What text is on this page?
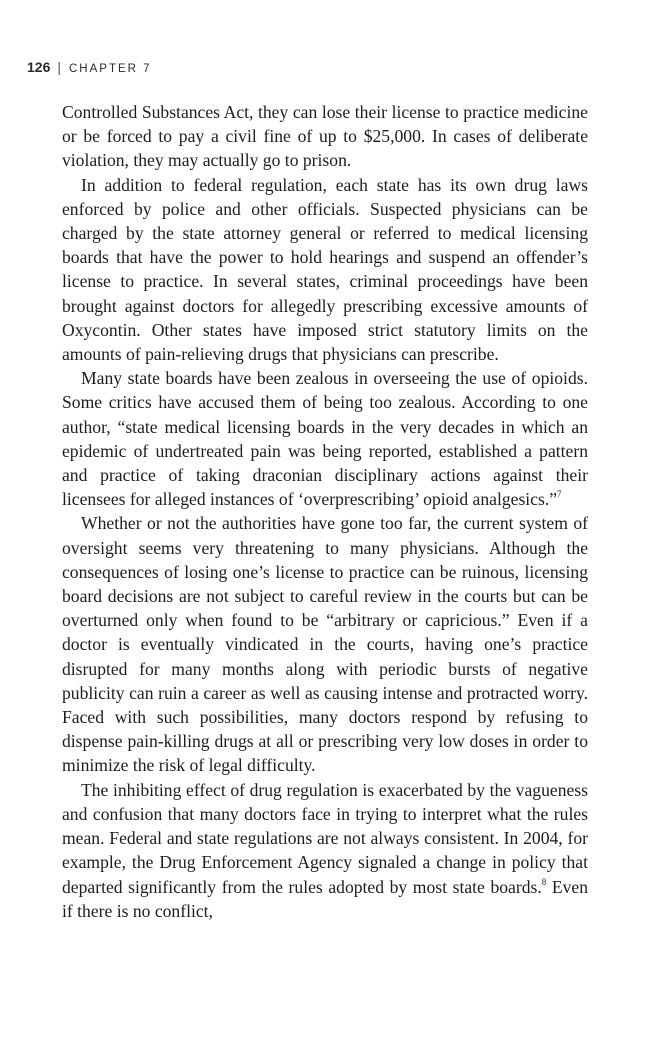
126 | CHAPTER 7

Controlled Substances Act, they can lose their license to practice medicine or be forced to pay a civil fine of up to $25,000. In cases of deliberate violation, they may actually go to prison.

In addition to federal regulation, each state has its own drug laws enforced by police and other officials. Suspected physicians can be charged by the state attorney general or referred to medical licensing boards that have the power to hold hearings and suspend an offender’s license to practice. In several states, criminal proceedings have been brought against doctors for allegedly prescribing excessive amounts of Oxycontin. Other states have imposed strict statutory limits on the amounts of pain-relieving drugs that physicians can prescribe.

Many state boards have been zealous in overseeing the use of opioids. Some critics have accused them of being too zealous. According to one author, “state medical licensing boards in the very decades in which an epidemic of undertreated pain was being reported, established a pattern and practice of taking draconian disciplinary actions against their licensees for alleged instances of ‘overprescribing’ opioid analgesics.”$^7$

Whether or not the authorities have gone too far, the current system of oversight seems very threatening to many physicians. Although the consequences of losing one’s license to practice can be ruinous, licensing board decisions are not subject to careful review in the courts but can be overturned only when found to be “arbitrary or capricious.” Even if a doctor is eventually vindicated in the courts, having one’s practice disrupted for many months along with periodic bursts of negative publicity can ruin a career as well as causing intense and protracted worry. Faced with such possibilities, many doctors respond by refusing to dispense pain-killing drugs at all or prescribing very low doses in order to minimize the risk of legal difficulty.

The inhibiting effect of drug regulation is exacerbated by the vagueness and confusion that many doctors face in trying to interpret what the rules mean. Federal and state regulations are not always consistent. In 2004, for example, the Drug Enforcement Agency signaled a change in policy that departed significantly from the rules adopted by most state boards.$^8$ Even if there is no conflict,
